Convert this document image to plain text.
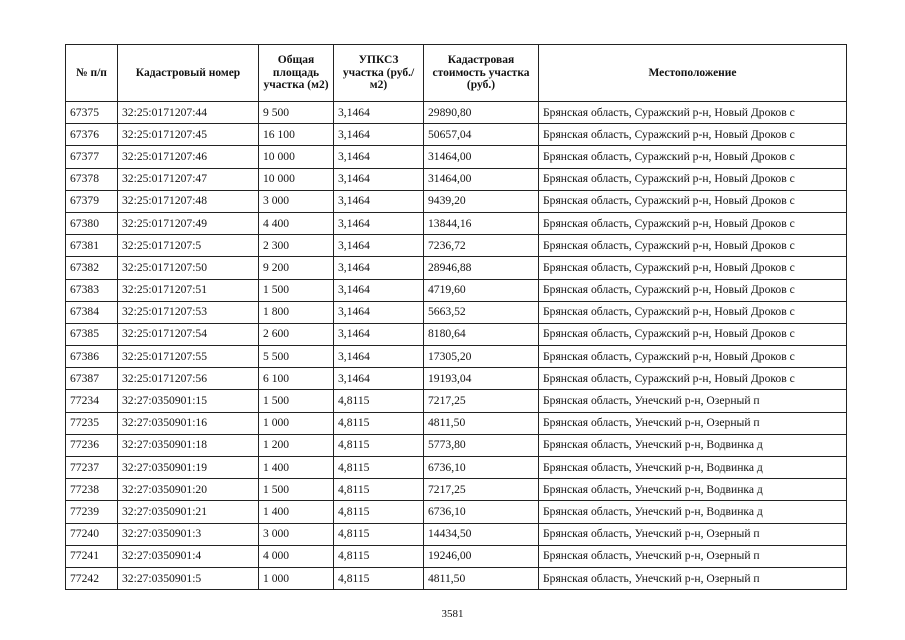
№ п/п	Кадастровый номер	Общая площадь участка (м2)	УПКСЗ участка (руб./м2)	Кадастровая стоимость участка (руб.)	Местоположение
67375	32:25:0171207:44	9 500	3,1464	29890,80	Брянская область, Суражский р-н, Новый Дроков с
67376	32:25:0171207:45	16 100	3,1464	50657,04	Брянская область, Суражский р-н, Новый Дроков с
67377	32:25:0171207:46	10 000	3,1464	31464,00	Брянская область, Суражский р-н, Новый Дроков с
67378	32:25:0171207:47	10 000	3,1464	31464,00	Брянская область, Суражский р-н, Новый Дроков с
67379	32:25:0171207:48	3 000	3,1464	9439,20	Брянская область, Суражский р-н, Новый Дроков с
67380	32:25:0171207:49	4 400	3,1464	13844,16	Брянская область, Суражский р-н, Новый Дроков с
67381	32:25:0171207:5	2 300	3,1464	7236,72	Брянская область, Суражский р-н, Новый Дроков с
67382	32:25:0171207:50	9 200	3,1464	28946,88	Брянская область, Суражский р-н, Новый Дроков с
67383	32:25:0171207:51	1 500	3,1464	4719,60	Брянская область, Суражский р-н, Новый Дроков с
67384	32:25:0171207:53	1 800	3,1464	5663,52	Брянская область, Суражский р-н, Новый Дроков с
67385	32:25:0171207:54	2 600	3,1464	8180,64	Брянская область, Суражский р-н, Новый Дроков с
67386	32:25:0171207:55	5 500	3,1464	17305,20	Брянская область, Суражский р-н, Новый Дроков с
67387	32:25:0171207:56	6 100	3,1464	19193,04	Брянская область, Суражский р-н, Новый Дроков с
77234	32:27:0350901:15	1 500	4,8115	7217,25	Брянская область, Унечский р-н, Озерный п
77235	32:27:0350901:16	1 000	4,8115	4811,50	Брянская область, Унечский р-н, Озерный п
77236	32:27:0350901:18	1 200	4,8115	5773,80	Брянская область, Унечский р-н, Водвинка д
77237	32:27:0350901:19	1 400	4,8115	6736,10	Брянская область, Унечский р-н, Водвинка д
77238	32:27:0350901:20	1 500	4,8115	7217,25	Брянская область, Унечский р-н, Водвинка д
77239	32:27:0350901:21	1 400	4,8115	6736,10	Брянская область, Унечский р-н, Водвинка д
77240	32:27:0350901:3	3 000	4,8115	14434,50	Брянская область, Унечский р-н, Озерный п
77241	32:27:0350901:4	4 000	4,8115	19246,00	Брянская область, Унечский р-н, Озерный п
77242	32:27:0350901:5	1 000	4,8115	4811,50	Брянская область, Унечский р-н, Озерный п
3581
